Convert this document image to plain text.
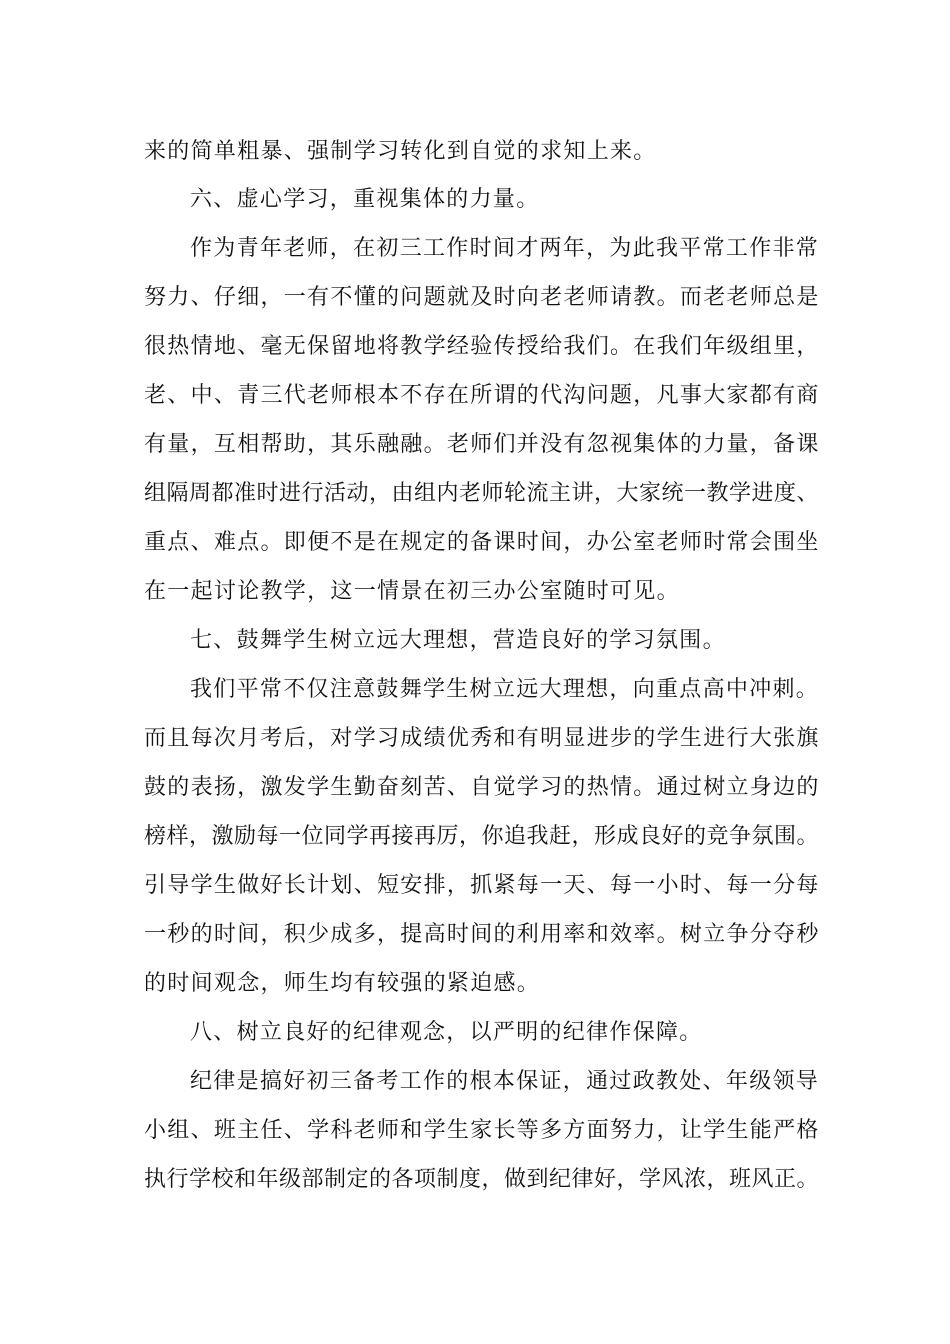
来的简单粗暴、强制学习转化到自觉的求知上来。
六、虚心学习，重视集体的力量。
作为青年老师，在初三工作时间才两年，为此我平常工作非常
努力、仔细，一有不懂的问题就及时向老老师请教。而老老师总是
很热情地、毫无保留地将教学经验传授给我们。在我们年级组里，
老、中、青三代老师根本不存在所谓的代沟问题，凡事大家都有商
有量，互相帮助，其乐融融。老师们并没有忽视集体的力量，备课
组隔周都准时进行活动，由组内老师轮流主讲，大家统一教学进度、
重点、难点。即便不是在规定的备课时间，办公室老师时常会围坐
在一起讨论教学，这一情景在初三办公室随时可见。
七、鼓舞学生树立远大理想，营造良好的学习氛围。
我们平常不仅注意鼓舞学生树立远大理想，向重点高中冲刺。
而且每次月考后，对学习成绩优秀和有明显进步的学生进行大张旗
鼓的表扬，激发学生勤奋刻苦、自觉学习的热情。通过树立身边的
榜样，激励每一位同学再接再厉，你追我赶，形成良好的竞争氛围。
引导学生做好长计划、短安排，抓紧每一天、每一小时、每一分每
一秒的时间，积少成多，提高时间的利用率和效率。树立争分夺秒
的时间观念，师生均有较强的紧迫感。
八、树立良好的纪律观念，以严明的纪律作保障。
纪律是搞好初三备考工作的根本保证，通过政教处、年级领导
小组、班主任、学科老师和学生家长等多方面努力，让学生能严格
执行学校和年级部制定的各项制度，做到纪律好，学风浓，班风正。
